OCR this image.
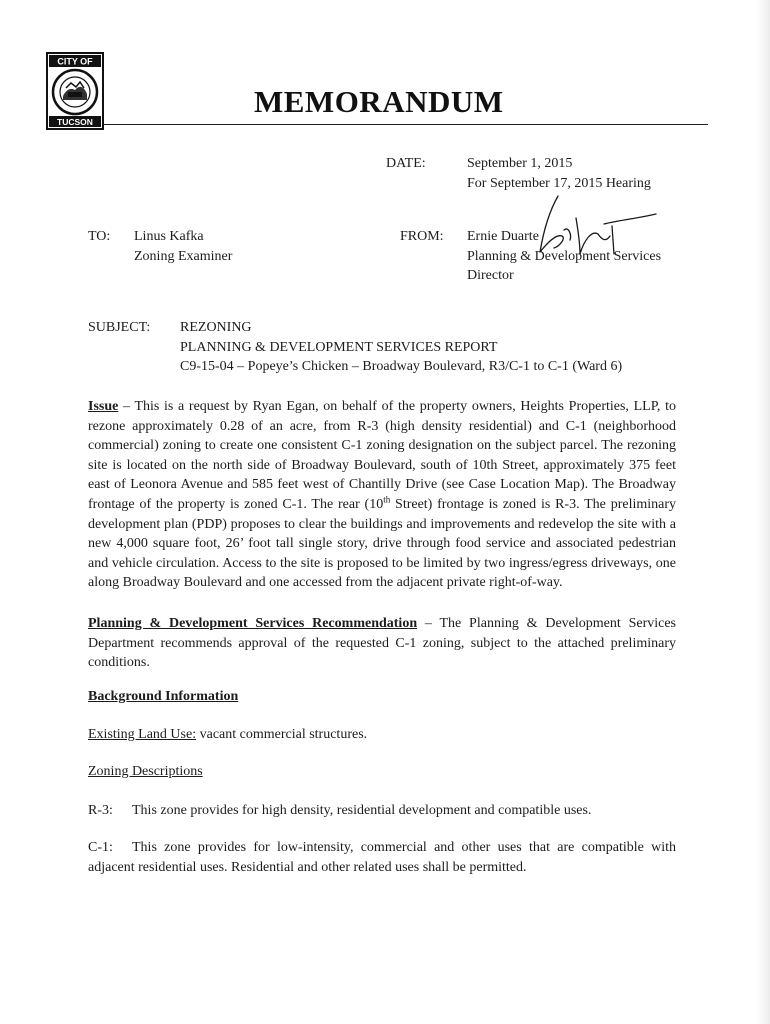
CITY OF
TUCSON
MEMORANDUM
DATE:	September 1, 2015
For September 17, 2015 Hearing
TO: Linus Kafka
Zoning Examiner
FROM: Ernie Duarte
Planning & Development Services
Director
SUBJECT: REZONING
PLANNING & DEVELOPMENT SERVICES REPORT
C9-15-04 – Popeye’s Chicken – Broadway Boulevard, R3/C-1 to C-1 (Ward 6)

Issue – This is a request by Ryan Egan, on behalf of the property owners, Heights Properties, LLP, to rezone approximately 0.28 of an acre, from R-3 (high density residential) and C-1 (neighborhood commercial) zoning to create one consistent C-1 zoning designation on the subject parcel. The rezoning site is located on the north side of Broadway Boulevard, south of 10th Street, approximately 375 feet east of Leonora Avenue and 585 feet west of Chantilly Drive (see Case Location Map). The Broadway frontage of the property is zoned C-1. The rear (10th Street) frontage is zoned is R-3. The preliminary development plan (PDP) proposes to clear the buildings and improvements and redevelop the site with a new 4,000 square foot, 26’ foot tall single story, drive through food service and associated pedestrian and vehicle circulation. Access to the site is proposed to be limited by two ingress/egress driveways, one along Broadway Boulevard and one accessed from the adjacent private right-of-way.

Planning & Development Services Recommendation – The Planning & Development Services Department recommends approval of the requested C-1 zoning, subject to the attached preliminary conditions.

Background Information
Existing Land Use: vacant commercial structures.
Zoning Descriptions

R-3: This zone provides for high density, residential development and compatible uses.

C-1: This zone provides for low-intensity, commercial and other uses that are compatible with adjacent residential uses. Residential and other related uses shall be permitted.
